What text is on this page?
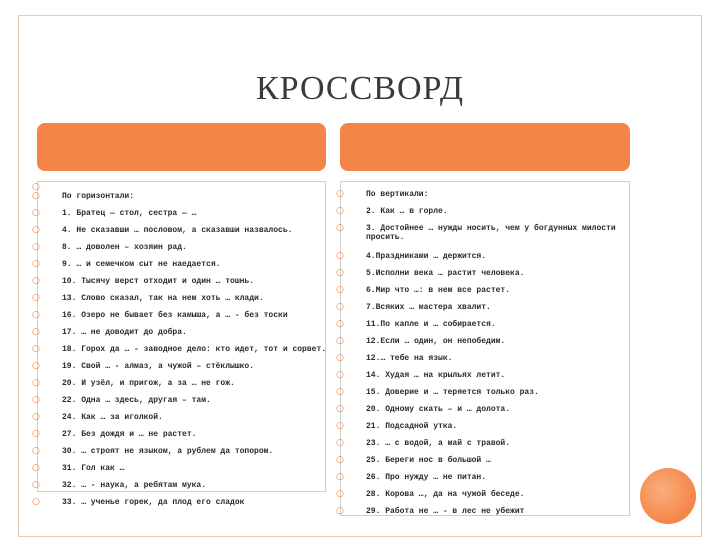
КРОССВОРД
○
○	По горизонтали:
○	1. Братец — стол, сестра — …
○	4. Не сказавши … пословом, а сказавши назвалось.
○	8. … доволен – хозяин рад.
○	9. … и семечком сыт не наедается.
○	10. Тысячу верст отходит и один … тошнь.
○	13. Слово сказал, так на нем хоть … клади.
○	16. Озеро не бывает без камыша, а … - без тоски
○	17. … не доводит до добра.
○	18. Горох да … - заводное дело: кто идет, тот и сорвет.
○	19. Свой … - алмаз, а чужой – стёклышко.
○	20. И узёл, и пригож, а за … не гож.
○	22. Одна … здесь, другая – там.
○	24. Как … за иголкой.
○	27. Без дождя и … не растет.
○	30. … строят не языком, а рублем да топором.
○	31. Гол как …
○	32. … - наука, а ребятам мука.
○	33. … ученье горек, да плод его сладок
○	По вертикали:
○	2. Как … в горле.
○	3. Достойнее … нужды носить, чем у богдунных милости просить.
○	4.Праздниками … держится.
○	5.Исполни века … растит человека.
○	6.Мир что …: в нем все растет.
○	7.Всяких … мастера хвалит.
○	11.По капле и … собирается.
○	12.Если … один, он непобедим.
○	12.… тебе на язык.
○	14. Худая … на крыльях летит.
○	15. Доверие и … теряется только раз.
○	20. Одному скать – и … долота.
○	21. Подсадной утка.
○	23. … с водой, а май с травой.
○	25. Береги нос в большой …
○	26. Про нужду … не питан.
○	28. Корова …, да на чужой беседе.
○	29. Работа не … - в лес не убежит
